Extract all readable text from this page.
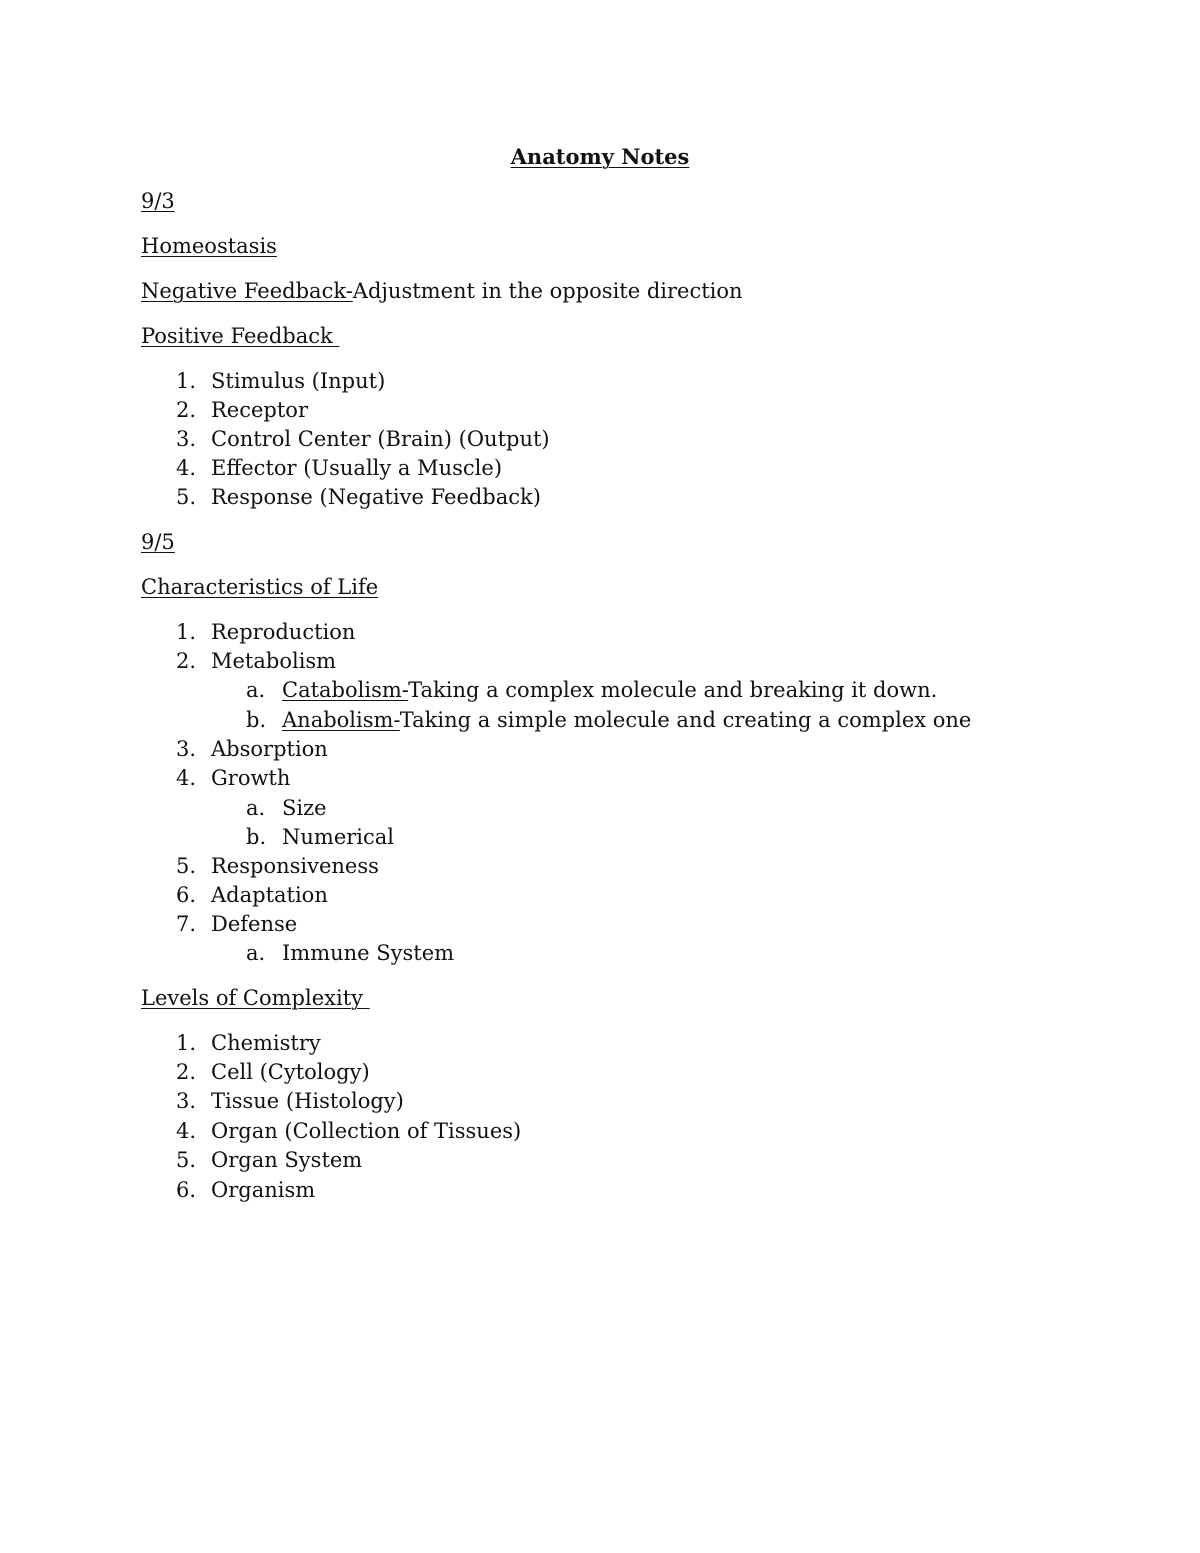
Anatomy Notes
9/3
Homeostasis
Negative Feedback-Adjustment in the opposite direction
Positive Feedback
1. Stimulus (Input)
2. Receptor
3. Control Center (Brain) (Output)
4. Effector (Usually a Muscle)
5. Response (Negative Feedback)
9/5
Characteristics of Life
1. Reproduction
2. Metabolism
a. Catabolism-Taking a complex molecule and breaking it down.
b. Anabolism-Taking a simple molecule and creating a complex one
3. Absorption
4. Growth
a. Size
b. Numerical
5. Responsiveness
6. Adaptation
7. Defense
a. Immune System
Levels of Complexity
1. Chemistry
2. Cell (Cytology)
3. Tissue (Histology)
4. Organ (Collection of Tissues)
5. Organ System
6. Organism
